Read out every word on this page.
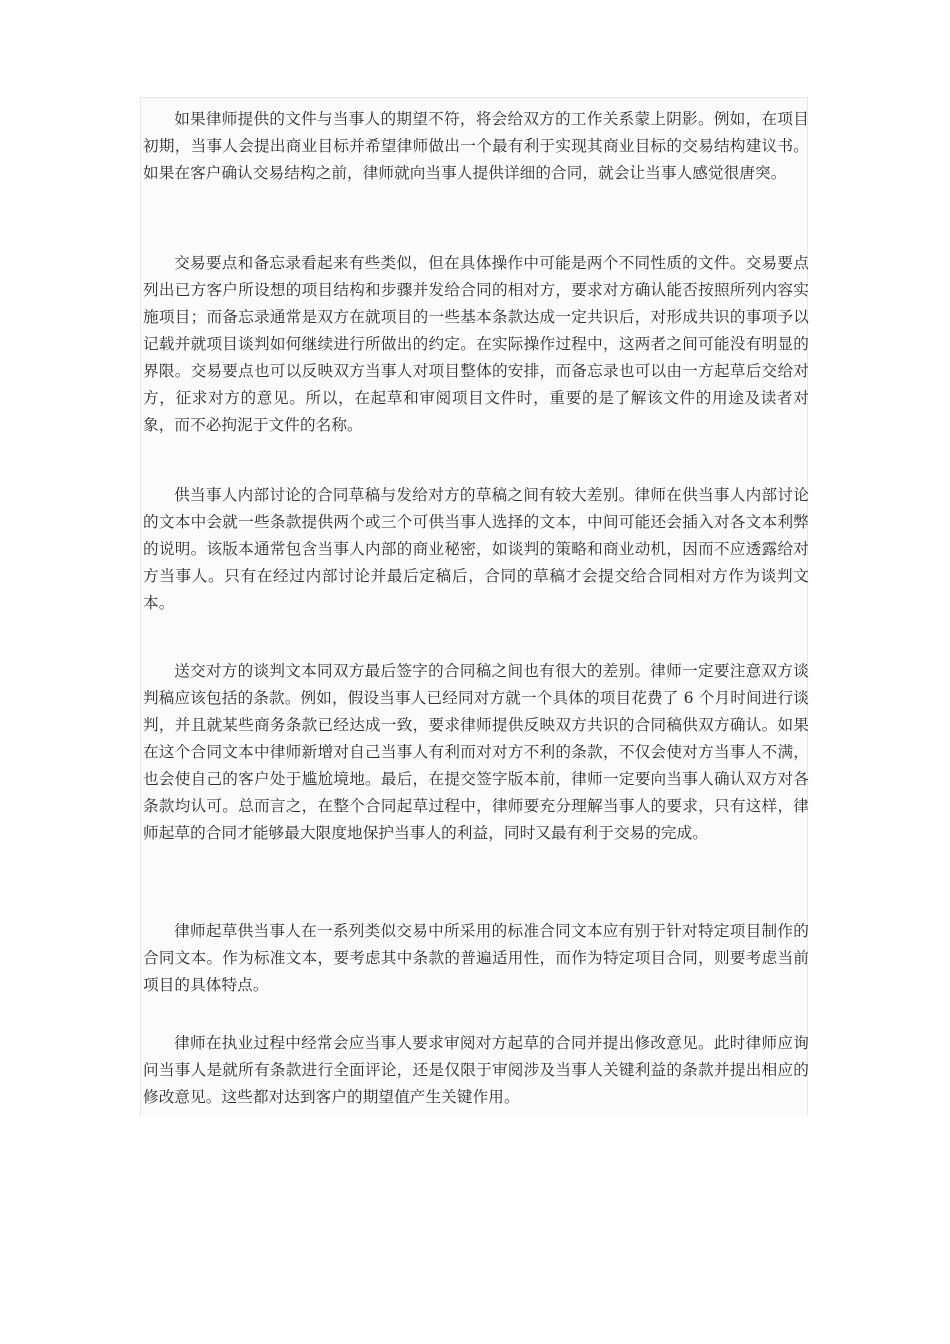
如果律师提供的文件与当事人的期望不符，将会给双方的工作关系蒙上阴影。例如，在项目初期，当事人会提出商业目标并希望律师做出一个最有利于实现其商业目标的交易结构建议书。如果在客户确认交易结构之前，律师就向当事人提供详细的合同，就会让当事人感觉很唐突。

交易要点和备忘录看起来有些类似，但在具体操作中可能是两个不同性质的文件。交易要点列出已方客户所设想的项目结构和步骤并发给合同的相对方，要求对方确认能否按照所列内容实施项目；而备忘录通常是双方在就项目的一些基本条款达成一定共识后，对形成共识的事项予以记载并就项目谈判如何继续进行所做出的约定。在实际操作过程中，这两者之间可能没有明显的界限。交易要点也可以反映双方当事人对项目整体的安排，而备忘录也可以由一方起草后交给对方，征求对方的意见。所以，在起草和审阅项目文件时，重要的是了解该文件的用途及读者对象，而不必拘泥于文件的名称。

供当事人内部讨论的合同草稿与发给对方的草稿之间有较大差别。律师在供当事人内部讨论的文本中会就一些条款提供两个或三个可供当事人选择的文本，中间可能还会插入对各文本利弊的说明。该版本通常包含当事人内部的商业秘密，如谈判的策略和商业动机，因而不应透露给对方当事人。只有在经过内部讨论并最后定稿后，合同的草稿才会提交给合同相对方作为谈判文本。

送交对方的谈判文本同双方最后签字的合同稿之间也有很大的差别。律师一定要注意双方谈判稿应该包括的条款。例如，假设当事人已经同对方就一个具体的项目花费了 6 个月时间进行谈判，并且就某些商务条款已经达成一致，要求律师提供反映双方共识的合同稿供双方确认。如果在这个合同文本中律师新增对自己当事人有利而对对方不利的条款，不仅会使对方当事人不满，也会使自己的客户处于尴尬境地。最后，在提交签字版本前，律师一定要向当事人确认双方对各条款均认可。总而言之，在整个合同起草过程中，律师要充分理解当事人的要求，只有这样，律师起草的合同才能够最大限度地保护当事人的利益，同时又最有利于交易的完成。

律师起草供当事人在一系列类似交易中所采用的标准合同文本应有别于针对特定项目制作的合同文本。作为标准文本，要考虑其中条款的普遍适用性，而作为特定项目合同，则要考虑当前项目的具体特点。

律师在执业过程中经常会应当事人要求审阅对方起草的合同并提出修改意见。此时律师应询问当事人是就所有条款进行全面评论，还是仅限于审阅涉及当事人关键利益的条款并提出相应的修改意见。这些都对达到客户的期望值产生关键作用。
